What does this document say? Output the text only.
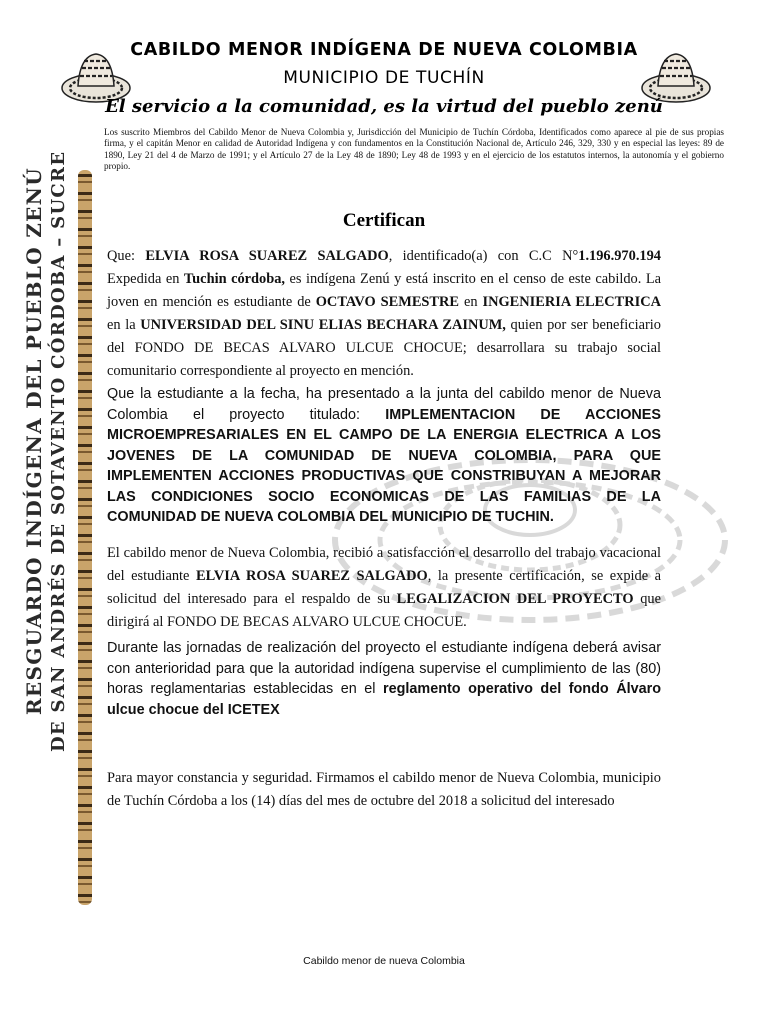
CABILDO MENOR INDÍGENA DE NUEVA COLOMBIA
MUNICIPIO DE TUCHÍN
El servicio a la comunidad, es la virtud del pueblo zenú
Los suscrito Miembros del Cabildo Menor de Nueva Colombia y, Jurisdicción del Municipio de Tuchín Córdoba, Identificados como aparece al pie de sus propias firma, y el capitán Menor en calidad de Autoridad Indígena y con fundamentos en la Constitución Nacional de, Artículo 246, 329, 330 y en especial las leyes: 89 de 1890, Ley 21 del 4 de Marzo de 1991; y el Artículo 27 de la Ley 48 de 1890; Ley 48 de 1993 y en el ejercicio de los estatutos internos, la autonomía y el gobierno propio.
RESGUARDO INDÍGENA DEL PUEBLO ZENÚ DE SAN ANDRÉS DE SOTAVENTO CÓRDOBA – SUCRE	Certifican
Que: ELVIA ROSA SUAREZ SALGADO, identificado(a) con C.C N°1.196.970.194 Expedida en Tuchin córdoba, es indígena Zenú y está inscrito en el censo de este cabildo. La joven en mención es estudiante de OCTAVO SEMESTRE en INGENIERIA ELECTRICA en la UNIVERSIDAD DEL SINU ELIAS BECHARA ZAINUM, quien por ser beneficiario del FONDO DE BECAS ALVARO ULCUE CHOCUE; desarrollara su trabajo social comunitario correspondiente al proyecto en mención.
Que la estudiante a la fecha, ha presentado a la junta del cabildo menor de Nueva Colombia el proyecto titulado: IMPLEMENTACION DE ACCIONES MICROEMPRESARIALES EN EL CAMPO DE LA ENERGIA ELECTRICA A LOS JOVENES DE LA COMUNIDAD DE NUEVA COLOMBIA, PARA QUE IMPLEMENTEN ACCIONES PRODUCTIVAS QUE CONSTRIBUYAN A MEJORAR LAS CONDICIONES SOCIO ECONOMICAS DE LAS FAMILIAS DE LA COMUNIDAD DE NUEVA COLOMBIA DEL MUNICIPIO DE TUCHIN.
El cabildo menor de Nueva Colombia, recibió a satisfacción el desarrollo del trabajo vacacional del estudiante ELVIA ROSA SUAREZ SALGADO, la presente certificación, se expide a solicitud del interesado para el respaldo de su LEGALIZACION DEL PROYECTO que dirigirá al FONDO DE BECAS ALVARO ULCUE CHOCUE.
Durante las jornadas de realización del proyecto el estudiante indígena deberá avisar con anterioridad para que la autoridad indígena supervise el cumplimiento de las (80) horas reglamentarias establecidas en el reglamento operativo del fondo Álvaro ulcue chocue del ICETEX
Para mayor constancia y seguridad. Firmamos el cabildo menor de Nueva Colombia, municipio de Tuchín Córdoba a los (14) días del mes de octubre del 2018 a solicitud del interesado
Cabildo menor de nueva Colombia
